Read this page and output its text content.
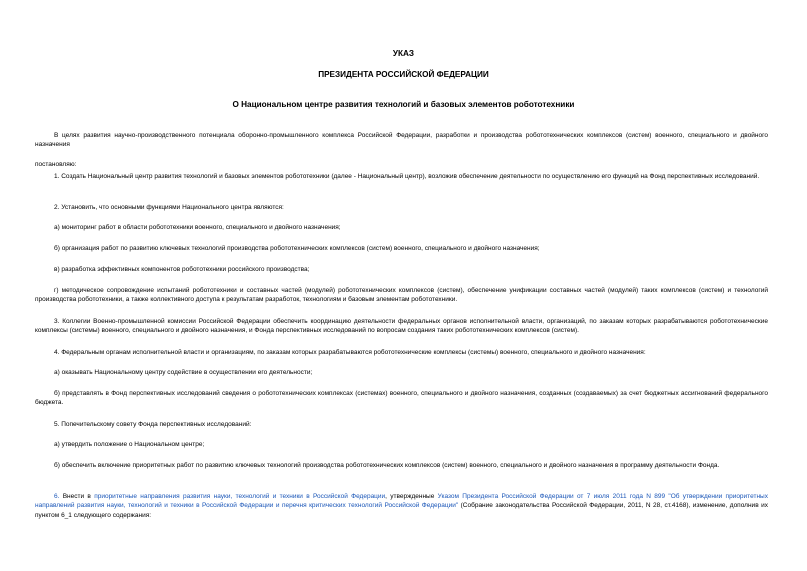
УКАЗ
ПРЕЗИДЕНТА РОССИЙСКОЙ ФЕДЕРАЦИИ
О Национальном центре развития технологий и базовых элементов робототехники
В целях развития научно-производственного потенциала оборонно-промышленного комплекса Российской Федерации, разработки и производства робототехнических комплексов (систем) военного, специального и двойного назначения
постановляю:
1. Создать Национальный центр развития технологий и базовых элементов робототехники (далее - Национальный центр), возложив обеспечение деятельности по осуществлению его функций на Фонд перспективных исследований.
2. Установить, что основными функциями Национального центра являются:
а) мониторинг работ в области робототехники военного, специального и двойного назначения;
б) организация работ по развитию ключевых технологий производства робототехнических комплексов (систем) военного, специального и двойного назначения;
в) разработка эффективных компонентов робототехники российского производства;
г) методическое сопровождение испытаний робототехники и составных частей (модулей) робототехнических комплексов (систем), обеспечение унификации составных частей (модулей) таких комплексов (систем) и технологий производства робототехники, а также коллективного доступа к результатам разработок, технологиям и базовым элементам робототехники.
3. Коллегии Военно-промышленной комиссии Российской Федерации обеспечить координацию деятельности федеральных органов исполнительной власти, организаций, по заказам которых разрабатываются робототехнические комплексы (системы) военного, специального и двойного назначения, и Фонда перспективных исследований по вопросам создания таких робототехнических комплексов (систем).
4. Федеральным органам исполнительной власти и организациям, по заказам которых разрабатываются робототехнические комплексы (системы) военного, специального и двойного назначения:
а) оказывать Национальному центру содействие в осуществлении его деятельности;
б) представлять в Фонд перспективных исследований сведения о робототехнических комплексах (системах) военного, специального и двойного назначения, созданных (создаваемых) за счет бюджетных ассигнований федерального бюджета.
5. Попечительскому совету Фонда перспективных исследований:
а) утвердить положение о Национальном центре;
б) обеспечить включение приоритетных работ по развитию ключевых технологий производства робототехнических комплексов (систем) военного, специального и двойного назначения в программу деятельности Фонда.
6. Внести в приоритетные направления развития науки, технологий и техники в Российской Федерации, утвержденные Указом Президента Российской Федерации от 7 июля 2011 года N 899 "Об утверждении приоритетных направлений развития науки, технологий и техники в Российской Федерации и перечня критических технологий Российской Федерации" (Собрание законодательства Российской Федерации, 2011, N 28, ст.4168), изменение, дополнив их пунктом 6_1 следующего содержания:
